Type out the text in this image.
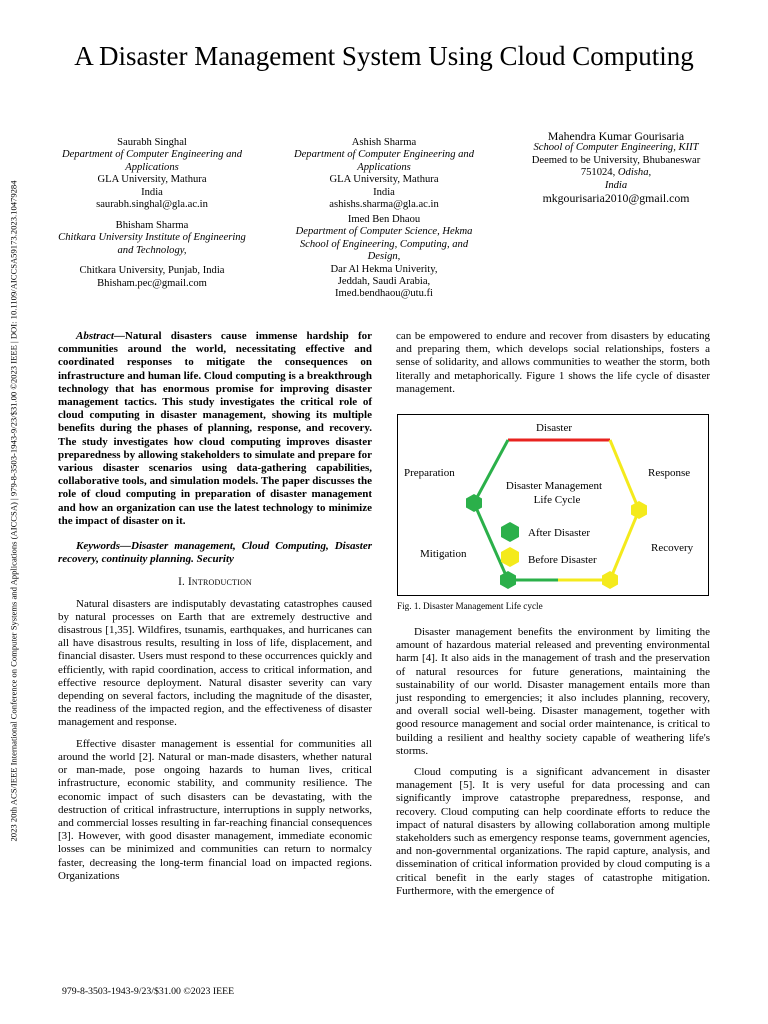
A Disaster Management System Using Cloud Computing
2023 20th ACS/IEEE International Conference on Computer Systems and Applications (AICCSA) | 979-8-3503-1943-9/23/$31.00 ©2023 IEEE | DOI: 10.1109/AICCSA59173.2023.10479284
Saurabh Singhal
Department of Computer Engineering and Applications
GLA University, Mathura
India
saurabh.singhal@gla.ac.in
Ashish Sharma
Department of Computer Engineering and Applications
GLA University, Mathura
India
ashishs.sharma@gla.ac.in
Mahendra Kumar Gourisaria
School of Computer Engineering, KIIT
Deemed to be University, Bhubaneswar
751024, Odisha,
India
mkgourisaria2010@gmail.com
Bhisham Sharma
Chitkara University Institute of Engineering and Technology,
Chitkara University, Punjab, India
Bhisham.pec@gmail.com
Imed Ben Dhaou
Department of Computer Science, Hekma School of Engineering, Computing, and Design,
Dar Al Hekma Univerity,
Jeddah, Saudi Arabia,
Imed.bendhaou@utu.fi

Abstract—Natural disasters cause immense hardship for communities around the world, necessitating effective and coordinated responses to mitigate the consequences on infrastructure and human life. Cloud computing is a breakthrough technology that has enormous promise for improving disaster management tactics. This study investigates the critical role of cloud computing in disaster management, showing its multiple benefits during the phases of planning, response, and recovery. The study investigates how cloud computing improves disaster preparedness by allowing stakeholders to simulate and prepare for various disaster scenarios using data-gathering capabilities, collaborative tools, and simulation models. The paper discusses the role of cloud computing in preparation of disaster management and how an organization can use the latest technology to minimize the impact of disaster on it.

Keywords—Disaster management, Cloud Computing, Disaster recovery, continuity planning. Security

I. Introduction

Natural disasters are indisputably devastating catastrophes caused by natural processes on Earth that are extremely destructive and disastrous [1,35]. Wildfires, tsunamis, earthquakes, and hurricanes can all have disastrous results, resulting in loss of life, displacement, and financial disaster. Users must respond to these occurrences quickly and efficiently, with rapid coordination, access to critical information, and effective resource deployment. Natural disaster severity can vary depending on several factors, including the magnitude of the disaster, the readiness of the impacted region, and the effectiveness of disaster management and response.

Effective disaster management is essential for communities all around the world [2]. Natural or man-made disasters, whether natural or man-made, pose ongoing hazards to human lives, critical infrastructure, economic stability, and community resilience. The economic impact of such disasters can be devastating, with the destruction of critical infrastructure, interruptions in supply networks, and commercial losses resulting in far-reaching financial consequences [3]. However, with good disaster management, immediate economic losses can be minimized and communities can return to normalcy faster, decreasing the long-term financial load on impacted regions. Organizations

can be empowered to endure and recover from disasters by educating and preparing them, which develops social relationships, fosters a sense of solidarity, and allows communities to weather the storm, both literally and metaphorically. Figure 1 shows the life cycle of disaster management.

Disaster
Preparation	Response
Mitigation	Recovery
Disaster Management
Life Cycle
After Disaster
Before Disaster
Fig. 1. Disaster Management Life cycle

Disaster management benefits the environment by limiting the amount of hazardous material released and preventing environmental harm [4]. It also aids in the management of trash and the preservation of natural resources for future generations, maintaining the sustainability of our world. Disaster management entails more than just responding to emergencies; it also includes planning, recovery, and overall social well-being. Disaster management, together with good resource management and social order maintenance, is critical to building a resilient and healthy society capable of weathering life's storms.

Cloud computing is a significant advancement in disaster management [5]. It is very useful for data processing and can significantly improve catastrophe preparedness, response, and recovery. Cloud computing can help coordinate efforts to reduce the impact of natural disasters by allowing collaboration among multiple stakeholders such as emergency response teams, government agencies, and non-governmental organizations. The rapid capture, analysis, and dissemination of critical information provided by cloud computing is a critical benefit in the early stages of catastrophe mitigation. Furthermore, with the emergence of

979-8-3503-1943-9/23/$31.00 ©2023 IEEE
